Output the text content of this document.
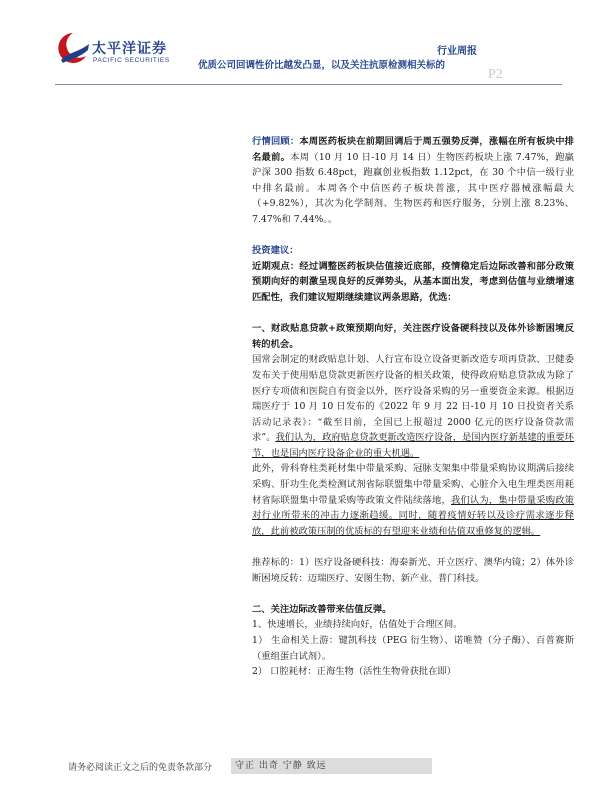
太平洋证券
PACIFIC SECURITIES
行业周报
优质公司回调性价比越发凸显，以及关注抗原检测相关标的
P2

行情回顾：本周医药板块在前期回调后于周五强势反弹，涨幅在所有板块中排名最前。本周（10 月 10 日-10 月 14 日）生物医药板块上涨 7.47%，跑赢沪深 300 指数 6.48pct，跑赢创业板指数 1.12pct，在 30 个中信一级行业中排名最前。本周各个中信医药子板块普涨，其中医疗器械涨幅最大（+9.82%），其次为化学制剂、生物医药和医疗服务，分别上涨 8.23%、7.47%和 7.44%。。

投资建议：

近期观点：经过调整医药板块估值接近底部，疫情稳定后边际改善和部分政策预期向好的刺激呈现良好的反弹势头，从基本面出发，考虑到估值与业绩增速匹配性，我们建议短期继续建议两条思路，优选：

一、财政贴息贷款+政策预期向好，关注医疗设备硬科技以及体外诊断困境反转的机会。

国常会制定的财政贴息计划、人行宣布设立设备更新改造专项再贷款、卫健委发布关于使用贴息贷款更新医疗设备的相关政策，使得政府贴息贷款成为除了医疗专项债和医院自有资金以外，医疗设备采购的另一重要资金来源。根据迈瑞医疗于 10 月 10 日发布的《2022 年 9 月 22 日-10 月 10 日投资者关系活动记录表》：“截至目前，全国已上报超过 2000 亿元的医疗设备贷款需求”。我们认为，政府贴息贷款更新改造医疗设备，是国内医疗新基建的重要环节，也是国内医疗设备企业的重大机遇。

此外，骨科脊柱类耗材集中带量采购、冠脉支架集中带量采购协议期满后接续采购、肝功生化类检测试剂省际联盟集中带量采购、心脏介入电生理类医用耗材省际联盟集中带量采购等政策文件陆续落地，我们认为，集中带量采购政策对行业所带来的冲击力逐渐趋缓。同时，随着疫情好转以及诊疗需求逐步释放，此前被政策压制的优质标的有望迎来业绩和估值双重修复的逻辑。

推荐标的：1）医疗设备硬科技：海泰新光、开立医疗、澳华内镜；2）体外诊断困境反转：迈瑞医疗、安图生物、新产业、普门科技。

二、关注边际改善带来估值反弹。

1、快速增长，业绩持续向好，估值处于合理区间。

1） 生命相关上游：键凯科技（PEG 衍生物）、诺唯赞（分子酶）、百普赛斯（重组蛋白试剂）。

2） 口腔耗材：正海生物（活性生物骨获批在即）

请务必阅读正文之后的免责条款部分	守正 出奇 宁静 致远
